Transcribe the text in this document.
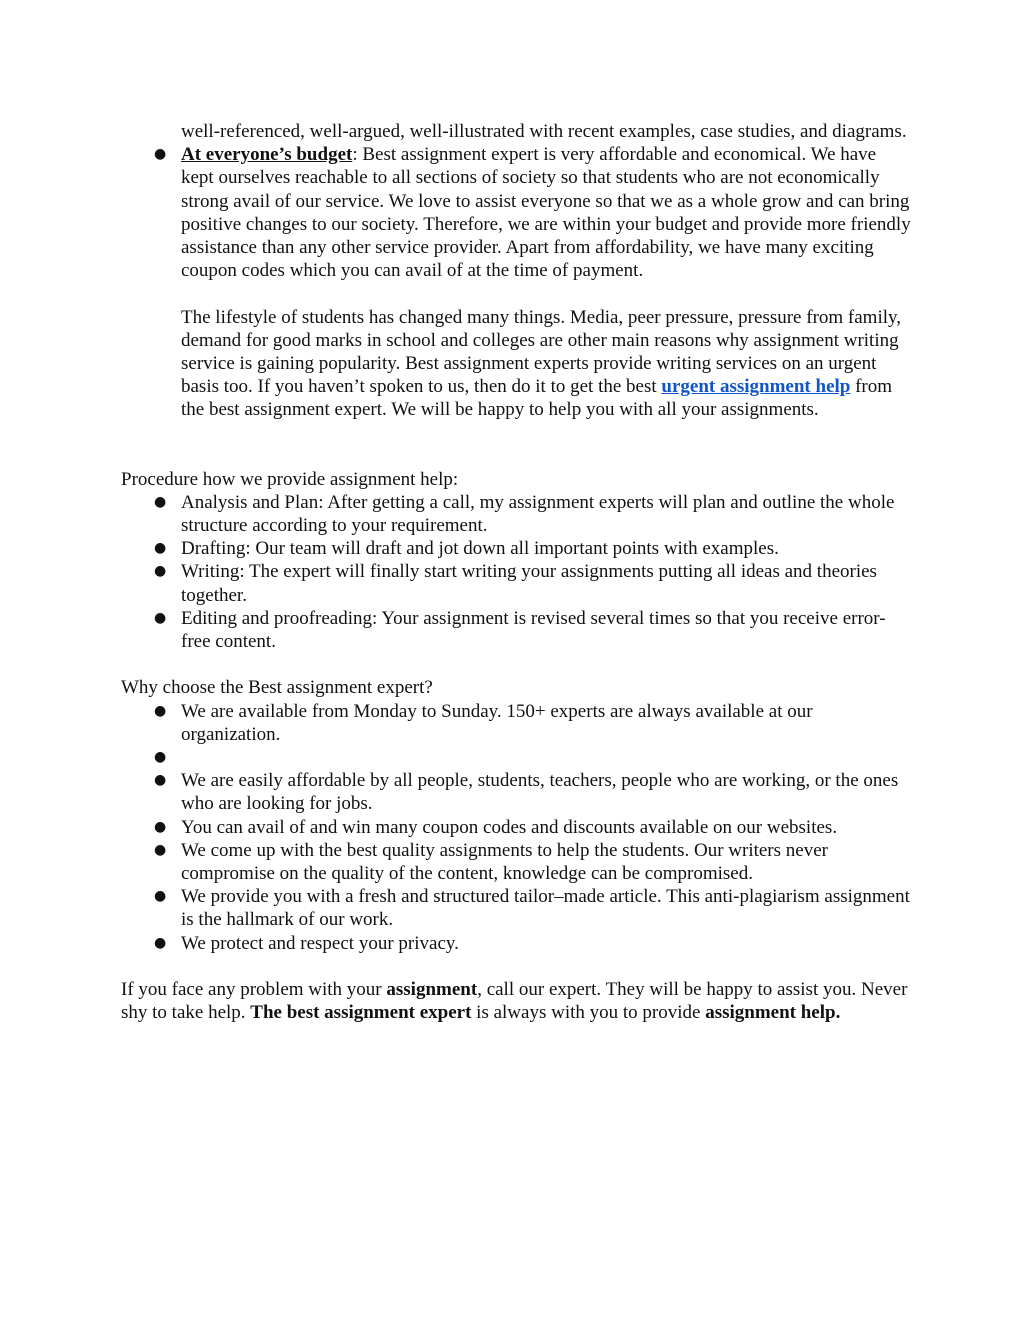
well-referenced, well-argued, well-illustrated with recent examples, case studies, and diagrams.
● At everyone’s budget: Best assignment expert is very affordable and economical. We have kept ourselves reachable to all sections of society so that students who are not economically strong avail of our service. We love to assist everyone so that we as a whole grow and can bring positive changes to our society. Therefore, we are within your budget and provide more friendly assistance than any other service provider. Apart from affordability, we have many exciting coupon codes which you can avail of at the time of payment.
The lifestyle of students has changed many things. Media, peer pressure, pressure from family, demand for good marks in school and colleges are other main reasons why assignment writing service is gaining popularity. Best assignment experts provide writing services on an urgent basis too. If you haven’t spoken to us, then do it to get the best urgent assignment help from the best assignment expert. We will be happy to help you with all your assignments.
Procedure how we provide assignment help:
● Analysis and Plan: After getting a call, my assignment experts will plan and outline the whole structure according to your requirement.
● Drafting: Our team will draft and jot down all important points with examples.
● Writing: The expert will finally start writing your assignments putting all ideas and theories together.
● Editing and proofreading: Your assignment is revised several times so that you receive error-free content.
Why choose the Best assignment expert?
● We are available from Monday to Sunday. 150+ experts are always available at our organization.
●
● We are easily affordable by all people, students, teachers, people who are working, or the ones who are looking for jobs.
● You can avail of and win many coupon codes and discounts available on our websites.
● We come up with the best quality assignments to help the students. Our writers never compromise on the quality of the content, knowledge can be compromised.
● We provide you with a fresh and structured tailor–made article. This anti-plagiarism assignment is the hallmark of our work.
● We protect and respect your privacy.
If you face any problem with your assignment, call our expert. They will be happy to assist you. Never shy to take help. The best assignment expert is always with you to provide assignment help.
